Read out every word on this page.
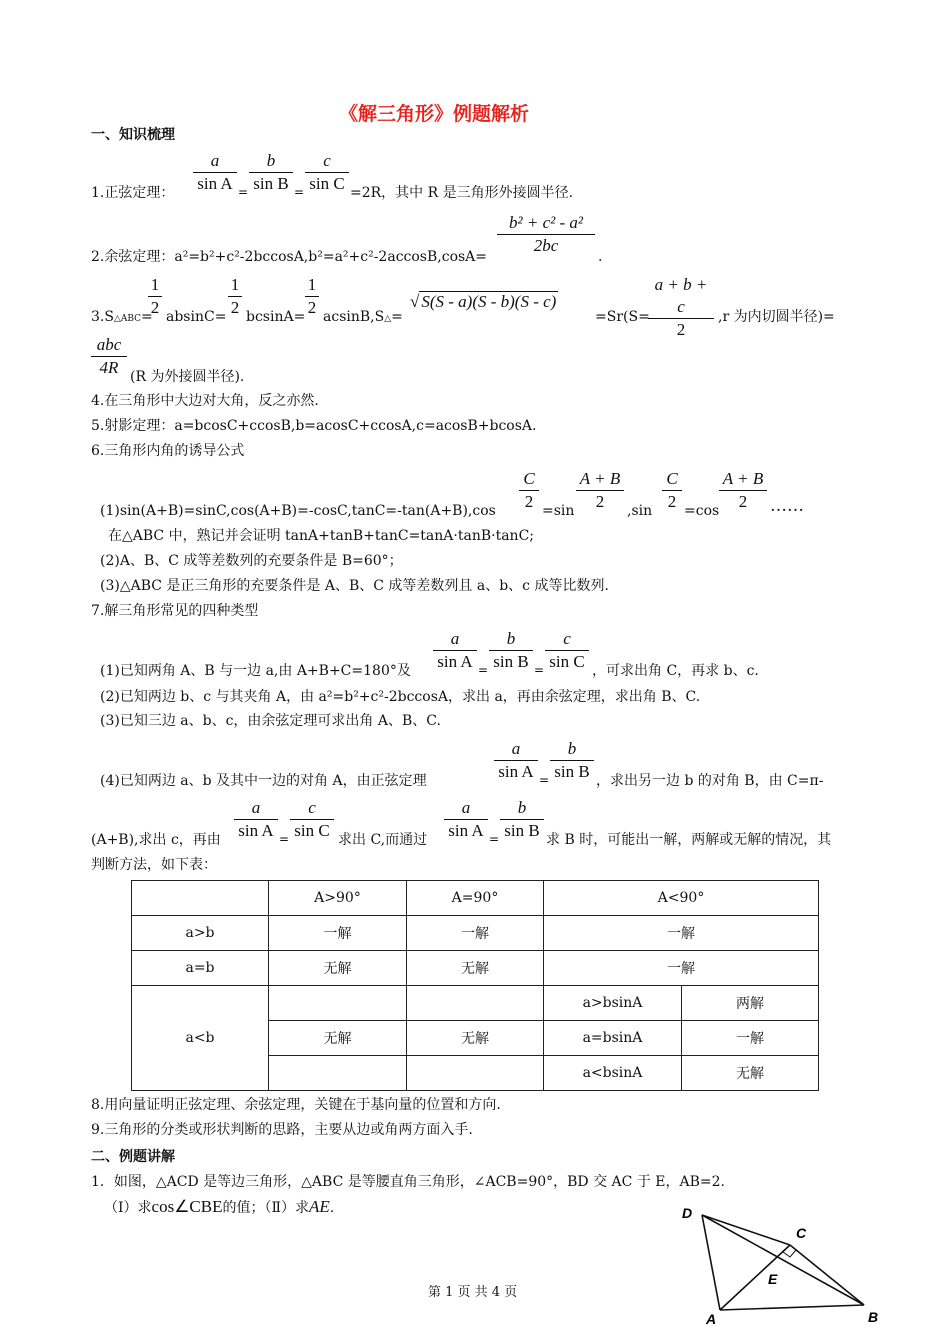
《解三角形》例题解析
一、知识梳理
1.正弦定理： $\frac{a}{\text{sin A}} = \frac{b}{\text{sin B}} = \frac{c}{\text{sin C}} =2R$，其中 R 是三角形外接圆半径.
2.余弦定理：$a^2=b^2+c^2-2bccosA,b^2=a^2+c^2-2accosB,\cos A= \frac{\text{b² + c² - a²}}{2bc}$ .
3.S△ABC=
$\frac{1}{2} absinC= \frac{1}{2} bcsinA= \frac{1}{2}$ acsinB,S△=
√ S(S - a)(S - b)(S - c)
=Sr(S=
$\frac{a + b + c}{2} ,r$ 为内切圆半径)=
abc
4R (R 为外接圆半径).
4.在三角形中大边对大角，反之亦然.
5.射影定理：a=bcosC+ccosB,b=acosC+ccosA,c=acosB+bcosA.
6.三角形内角的诱导公式
$(1)\sin(A+B)=\sin C,\cos(A+B)=-\cos C,\tan C=-\tan(A+B),\cos \frac{C}{2} =\sin \frac{A + B}{2} ,\sin \frac{C}{2} =\cos \frac{A + B}{2}$ ……
在△ABC 中，熟记并会证明 tanA+tanB+tanC=tanA·tanB·tanC;
(2)A、B、C 成等差数列的充要条件是 B=60°；
(3)△ABC 是正三角形的充要条件是 A、B、C 成等差数列且 a、b、c 成等比数列.
7.解三角形常见的四种类型
(1)已知两角 A、B 与一边 a,由 A+B+C=180°及 $\frac{a}{\text{sin A}} = \frac{b}{\text{sin B}} = \frac{c}{\text{sin C}}$ ，可求出角 C，再求 b、c.
(2)已知两边 b、c 与其夹角 A，由 a²=b²+c²-2bccosA，求出 a，再由余弦定理，求出角 B、C.
(3)已知三边 a、b、c，由余弦定理可求出角 A、B、C.
(4)已知两边 a、b 及其中一边的对角 A，由正弦定理	$\frac{a}{\text{sin A}} = \frac{b}{\text{sin B}}$ ，求出另一边 b 的对角 B，由 C=π-
(A+B),求出 c，再由 $\frac{a}{\text{sin A}} = \frac{c}{\text{sin C}}$ 求出 C,而通过 $\frac{a}{\text{sin A}} = \frac{b}{\text{sin B}}$ 求 B 时，可能出一解，两解或无解的情况，其
判断方法，如下表：
	A>90°	A=90°	A<90°	
a>b	一解	一解	一解	
a=b	无解	无解	一解	
a<b			a>bsinA	两解
	无解	无解	a=bsinA	一解
			a<bsinA	无解
8.用向量证明正弦定理、余弦定理，关键在于基向量的位置和方向.
9.三角形的分类或形状判断的思路，主要从边或角两方面入手.
二、例题讲解
1．如图，△ACD 是等边三角形，△ABC 是等腰直角三角形，∠ACB=90°，BD 交 AC 于 E，AB=2.
（Ⅰ）求cos∠CBE的值；（Ⅱ）求AE.	D
C
E
A	B
第 1 页 共 4 页
